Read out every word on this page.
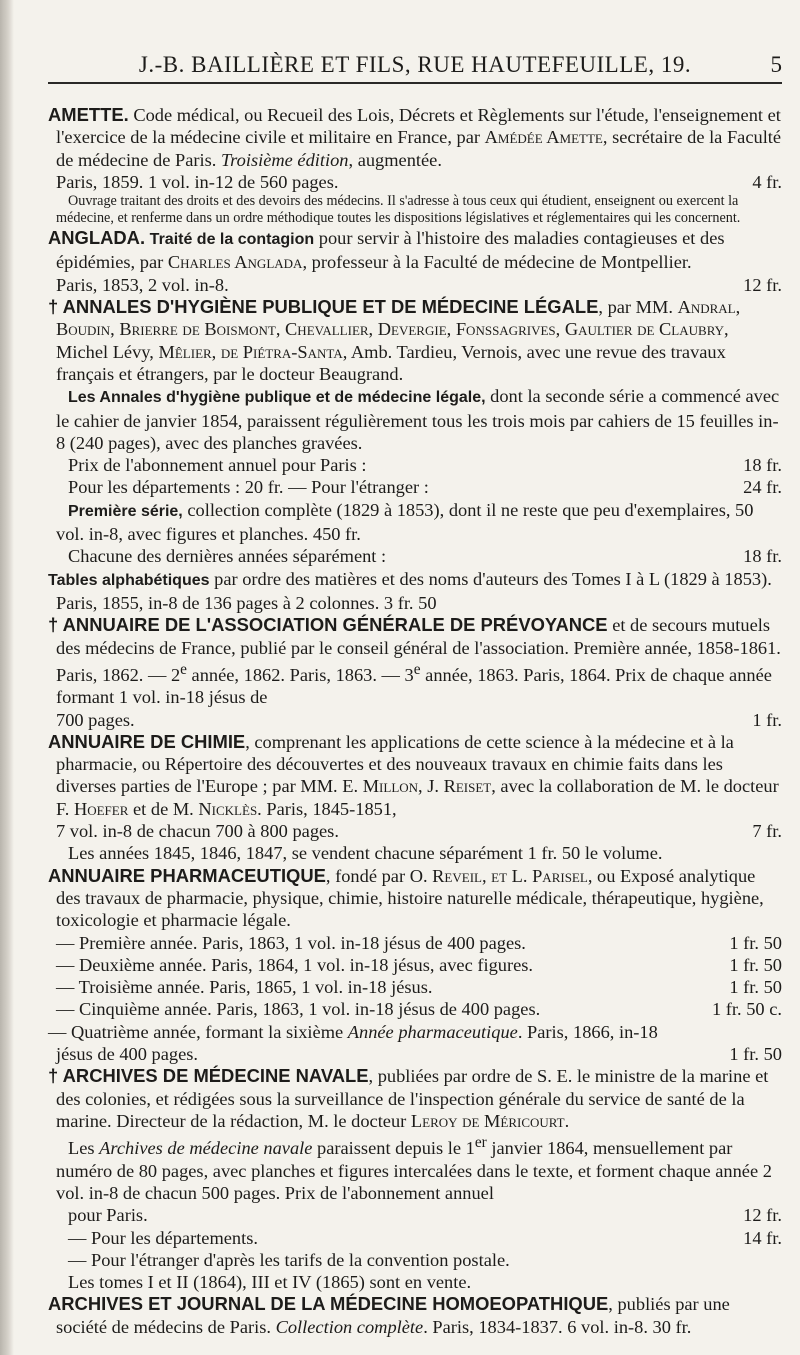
J.-B. BAILLIÈRE ET FILS, RUE HAUTEFEUILLE, 19.	5

AMETTE. Code médical, ou Recueil des Lois, Décrets et Règlements sur l'étude, l'enseignement et l'exercice de la médecine civile et militaire en France, par Amédée Amette, secrétaire de la Faculté de médecine de Paris. Troisième édition, augmentée.

Paris, 1859. 1 vol. in-12 de 560 pages.	4 fr.

Ouvrage traitant des droits et des devoirs des médecins. Il s'adresse à tous ceux qui étudient, enseignent ou exercent la médecine, et renferme dans un ordre méthodique toutes les dispositions législatives et réglementaires qui les concernent.

ANGLADA. Traité de la contagion pour servir à l'histoire des maladies contagieuses et des épidémies, par Charles Anglada, professeur à la Faculté de médecine de Montpellier.

Paris, 1853, 2 vol. in-8.	12 fr.

† ANNALES D'HYGIÈNE PUBLIQUE ET DE MÉDECINE LÉGALE, par MM. Andral, Boudin, Brierre de Boismont, Chevallier, Devergie, Fonssagrives, Gaultier de Claubry, Michel Lévy, Mêlier, de Piétra-Santa, Amb. Tardieu, Vernois, avec une revue des travaux français et étrangers, par le docteur Beaugrand.

Les Annales d'hygiène publique et de médecine légale, dont la seconde série a commencé avec le cahier de janvier 1854, paraissent régulièrement tous les trois mois par cahiers de 15 feuilles in-8 (240 pages), avec des planches gravées.

Prix de l'abonnement annuel pour Paris :	18 fr.

Pour les départements : 20 fr. — Pour l'étranger :	24 fr.

Première série, collection complète (1829 à 1853), dont il ne reste que peu d'exemplaires, 50 vol. in-8, avec figures et planches. 450 fr.

Chacune des dernières années séparément :	18 fr.

Tables alphabétiques par ordre des matières et des noms d'auteurs des Tomes I à L (1829 à 1853). Paris, 1855, in-8 de 136 pages à 2 colonnes. 3 fr. 50

† ANNUAIRE DE L'ASSOCIATION GÉNÉRALE DE PRÉVOYANCE et de secours mutuels des médecins de France, publié par le conseil général de l'association. Première année, 1858-1861. Paris, 1862. — 2e année, 1862. Paris, 1863. — 3e année, 1863. Paris, 1864. Prix de chaque année formant 1 vol. in-18 jésus de

700 pages.	1 fr.

ANNUAIRE DE CHIMIE, comprenant les applications de cette science à la médecine et à la pharmacie, ou Répertoire des découvertes et des nouveaux travaux en chimie faits dans les diverses parties de l'Europe ; par MM. E. Millon, J. Reiset, avec la collaboration de M. le docteur F. Hoefer et de M. Nicklès. Paris, 1845-1851,

7 vol. in-8 de chacun 700 à 800 pages.	7 fr.

Les années 1845, 1846, 1847, se vendent chacune séparément 1 fr. 50 le volume.

ANNUAIRE PHARMACEUTIQUE, fondé par O. Reveil, et L. Parisel, ou Exposé analytique des travaux de pharmacie, physique, chimie, histoire naturelle médicale, thérapeutique, hygiène, toxicologie et pharmacie légale.

— Première année. Paris, 1863, 1 vol. in-18 jésus de 400 pages.	1 fr. 50

— Deuxième année. Paris, 1864, 1 vol. in-18 jésus, avec figures.	1 fr. 50

— Troisième année. Paris, 1865, 1 vol. in-18 jésus.	1 fr. 50

— Cinquième année. Paris, 1863, 1 vol. in-18 jésus de 400 pages.	1 fr. 50 c.

— Quatrième année, formant la sixième Année pharmaceutique. Paris, 1866, in-18

jésus de 400 pages.	1 fr. 50

† ARCHIVES DE MÉDECINE NAVALE, publiées par ordre de S. E. le ministre de la marine et des colonies, et rédigées sous la surveillance de l'inspection générale du service de santé de la marine. Directeur de la rédaction, M. le docteur Leroy de Méricourt.

Les Archives de médecine navale paraissent depuis le 1er janvier 1864, mensuellement par numéro de 80 pages, avec planches et figures intercalées dans le texte, et forment chaque année 2 vol. in-8 de chacun 500 pages. Prix de l'abonnement annuel

pour Paris.	12 fr.

— Pour les départements.	14 fr.

— Pour l'étranger d'après les tarifs de la convention postale.

Les tomes I et II (1864), III et IV (1865) sont en vente.

ARCHIVES ET JOURNAL DE LA MÉDECINE HOMOEOPATHIQUE, publiés par une société de médecins de Paris. Collection complète. Paris, 1834-1837. 6 vol. in-8. 30 fr.
